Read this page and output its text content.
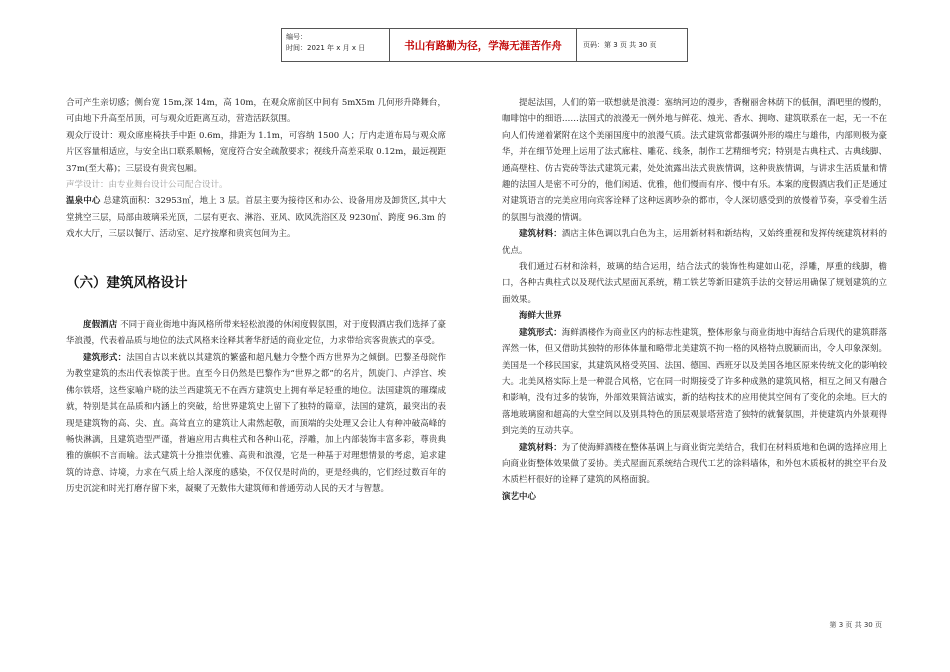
编号：
时间：2021 年 x 月 x 日	书山有路勤为径，学海无涯苦作舟	页码：第 3 页 共 30 页

合可产生亲切感；侧台宽 15m,深 14m，高 10m，在观众席前区中间有 5mX5m 几何形升降舞台，可由地下升高至吊顶，可与观众近距离互动，营造活跃氛围。

观众厅设计：观众席座椅扶手中距 0.6m，排距为 1.1m，可容纳 1500 人；厅内走道布局与观众席片区容量相适应，与安全出口联系顺畅，宽度符合安全疏散要求；视线升高差采取 0.12m，最远视距 37m(至大幕)；三层设有贵宾包厢。

声学设计：由专业舞台设计公司配合设计。

温泉中心 总建筑面积：32953㎡，地上 3 层。首层主要为接待区和办公、设备用房及卸货区,其中大堂挑空三层，局部由玻璃采光顶，二层有更衣、淋浴、亚风、欧风洗浴区及 9230㎡、跨度 96.3m 的戏水大厅，三层以餐厅、活动室、足疗按摩和贵宾包间为主。

（六）建筑风格设计

度假酒店 不同于商业街地中海风格所带来轻松浪漫的休闲度假氛围，对于度假酒店我们选择了豪华浪漫，代表着品质与地位的法式风格来诠释其奢华舒适的商业定位，力求带给宾客贵族式的享受。

建筑形式：法国自古以来就以其建筑的繁盛和超凡魅力令整个西方世界为之倾倒。巴黎圣母院作为教堂建筑的杰出代表惊羡于世。直至今日仍然是巴黎作为“世界之都”的名片，凯旋门、卢浮宫、埃佛尔铁塔，这些家喻户晓的法兰西建筑无不在西方建筑史上拥有举足轻重的地位。法国建筑的璀璨成就，特别是其在品质和内涵上的突破，给世界建筑史上留下了独特的篇章，法国的建筑，最突出的表现是建筑物的高、尖、直。高耸直立的建筑让人肃然起敬，而顶端的尖处理又会让人有种冲破高峰的畅快淋漓，且建筑造型严谨，普遍应用古典柱式和各种山花，浮雕，加上内部装饰丰富多彩，尊贵典雅的旗帜不言而喻。法式建筑十分推崇优雅、高贵和浪漫，它是一种基于对理想情景的考虑，追求建筑的诗意、诗境，力求在气质上给人深度的感染，不仅仅是时尚的，更是经典的，它们经过数百年的历史沉淀和时光打磨存留下来，凝聚了无数伟大建筑师和普通劳动人民的天才与智慧。

提起法国，人们的第一联想就是浪漫：塞纳河边的漫步，香榭丽舍林荫下的低徊，酒吧里的慢酌，咖啡馆中的细语……法国式的浪漫无一例外地与鲜花、烛光、香水、拥吻、建筑联系在一起，无一不在向人们传递着紧附在这个美丽国度中的浪漫气质。法式建筑常都强调外形的端庄与雄伟，内部则极为豪华，并在细节处理上运用了法式廊柱、雕花、线条，制作工艺精细考究；特别是古典柱式、古典线脚、通高壁柱、仿古瓷砖等法式建筑元素，处处流露出法式贵族情调，这种贵族情调，与讲求生活质量和情趣的法国人是密不可分的，他们闲适、优雅，他们慢而有序、慢中有乐。本案的度假酒店我们正是通过对建筑语言的完美应用向宾客诠释了这种远离吵杂的都市，令人深切感受到的放慢着节奏，享受着生活的氛围与浪漫的情调。

建筑材料：酒店主体色调以乳白色为主，运用新材料和新结构，又始终重视和发挥传统建筑材料的优点。

我们通过石材和涂料，玻璃的结合运用，结合法式的装饰性构建如山花，浮雕，厚重的线脚，檐口，各种古典柱式以及现代法式屋面瓦系统，精工铁艺等新旧建筑手法的交替运用确保了规划建筑的立面效果。

海鲜大世界

建筑形式：海鲜酒楼作为商业区内的标志性建筑，整体形象与商业街地中海结合后现代的建筑群落浑然一体，但又借助其独特的形体体量和略带北美建筑不拘一格的风格特点脱颖而出，令人印象深刻。美国是一个移民国家，其建筑风格受英国、法国、德国、西班牙以及美国各地区原来传统文化的影响较大。北美风格实际上是一种混合风格，它在同一时期接受了许多种成熟的建筑风格，相互之间又有融合和影响，没有过多的装饰，外部效果简洁诚实，新的结构技术的应用使其空间有了变化的余地。巨大的落地玻璃窗和超高的大堂空间以及别具特色的顶层观景塔营造了独特的就餐氛围，并使建筑内外景观得到完美的互动共享。

建筑材料：为了使海鲜酒楼在整体基调上与商业街完美结合，我们在材料质地和色调的选择应用上向商业街整体效果做了妥协。美式屋面瓦系统结合现代工艺的涂料墙体，和外包木质板材的挑空平台及木质栏杆很好的诠释了建筑的风格面貌。

演艺中心

第 3 页 共 30 页
